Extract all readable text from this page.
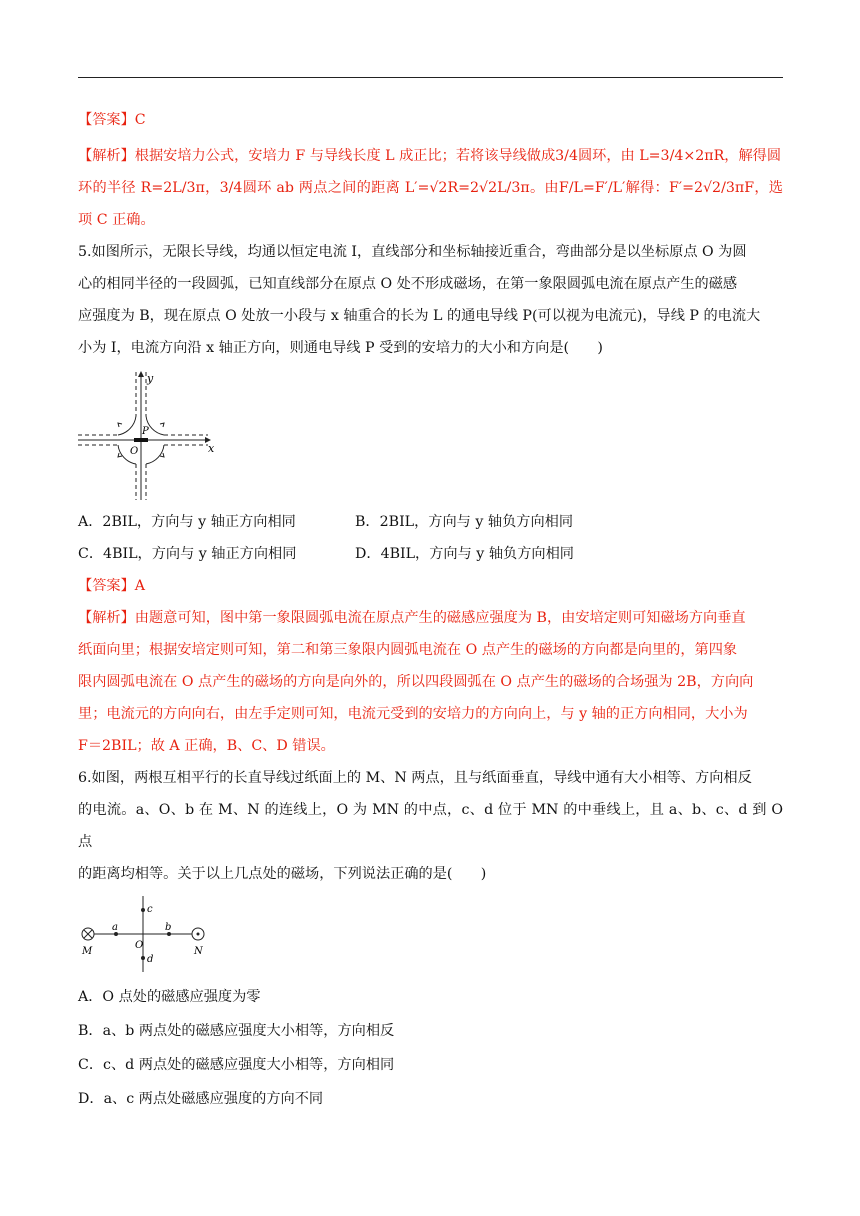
【答案】C

【解析】根据安培力公式，安培力 F 与导线长度 L 成正比；若将该导线做成3/4圆环，由 L=3/4×2πR，解得圆
环的半径 R=2L/3π，3/4圆环 ab 两点之间的距离 L′=√2R=2√2L/3π。由F/L=F′/L′解得：F′=2√2/3πF，选项 C 正确。

5.如图所示，无限长导线，均通以恒定电流 I，直线部分和坐标轴接近重合，弯曲部分是以坐标原点 O 为圆
心的相同半径的一段圆弧，已知直线部分在原点 O 处不形成磁场，在第一象限圆弧电流在原点产生的磁感
应强度为 B，现在原点 O 处放一小段与 x 轴重合的长为 L 的通电导线 P(可以视为电流元)，导线 P 的电流大
小为 I，电流方向沿 x 轴正方向，则通电导线 P 受到的安培力的大小和方向是(　　)

y
x
O
P
A．2BIL，方向与 y 轴正方向相同	B．2BIL，方向与 y 轴负方向相同
C．4BIL，方向与 y 轴正方向相同	D．4BIL，方向与 y 轴负方向相同

【答案】A

【解析】由题意可知，图中第一象限圆弧电流在原点产生的磁感应强度为 B，由安培定则可知磁场方向垂直
纸面向里；根据安培定则可知，第二和第三象限内圆弧电流在 O 点产生的磁场的方向都是向里的，第四象
限内圆弧电流在 O 点产生的磁场的方向是向外的，所以四段圆弧在 O 点产生的磁场的合场强为 2B，方向向
里；电流元的方向向右，由左手定则可知，电流元受到的安培力的方向向上，与 y 轴的正方向相同，大小为
F＝2BIL；故 A 正确，B、C、D 错误。

6.如图，两根互相平行的长直导线过纸面上的 M、N 两点，且与纸面垂直，导线中通有大小相等、方向相反
的电流。a、O、b 在 M、N 的连线上，O 为 MN 的中点，c、d 位于 MN 的中垂线上，且 a、b、c、d 到 O 点
的距离均相等。关于以上几点处的磁场，下列说法正确的是(　　)

a	b
c
d
O
M	N
A．O 点处的磁感应强度为零
B．a、b 两点处的磁感应强度大小相等，方向相反
C．c、d 两点处的磁感应强度大小相等，方向相同
D．a、c 两点处磁感应强度的方向不同
